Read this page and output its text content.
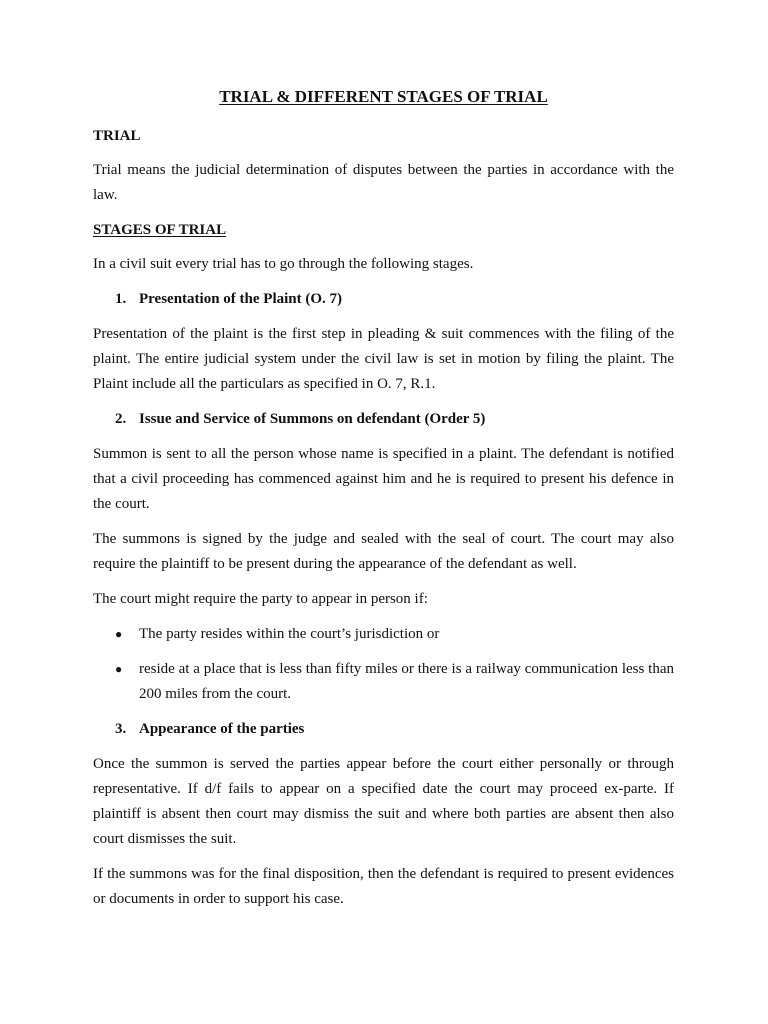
TRIAL & DIFFERENT STAGES OF TRIAL
TRIAL

Trial means the judicial determination of disputes between the parties in accordance with the law.

STAGES OF TRIAL

In a civil suit every trial has to go through the following stages.

1. Presentation of the Plaint (O. 7)

Presentation of the plaint is the first step in pleading & suit commences with the filing of the plaint. The entire judicial system under the civil law is set in motion by filing the plaint. The Plaint include all the particulars as specified in O. 7, R.1.

2. Issue and Service of Summons on defendant (Order 5)

Summon is sent to all the person whose name is specified in a plaint. The defendant is notified that a civil proceeding has commenced against him and he is required to present his defence in the court.

The summons is signed by the judge and sealed with the seal of court. The court may also require the plaintiff to be present during the appearance of the defendant as well.

The court might require the party to appear in person if:

●	The party resides within the court’s jurisdiction or
●	reside at a place that is less than fifty miles or there is a railway communication less than 200 miles from the court.
3. Appearance of the parties

Once the summon is served the parties appear before the court either personally or through representative. If d/f fails to appear on a specified date the court may proceed ex-parte. If plaintiff is absent then court may dismiss the suit and where both parties are absent then also court dismisses the suit.

If the summons was for the final disposition, then the defendant is required to present evidences or documents in order to support his case.
